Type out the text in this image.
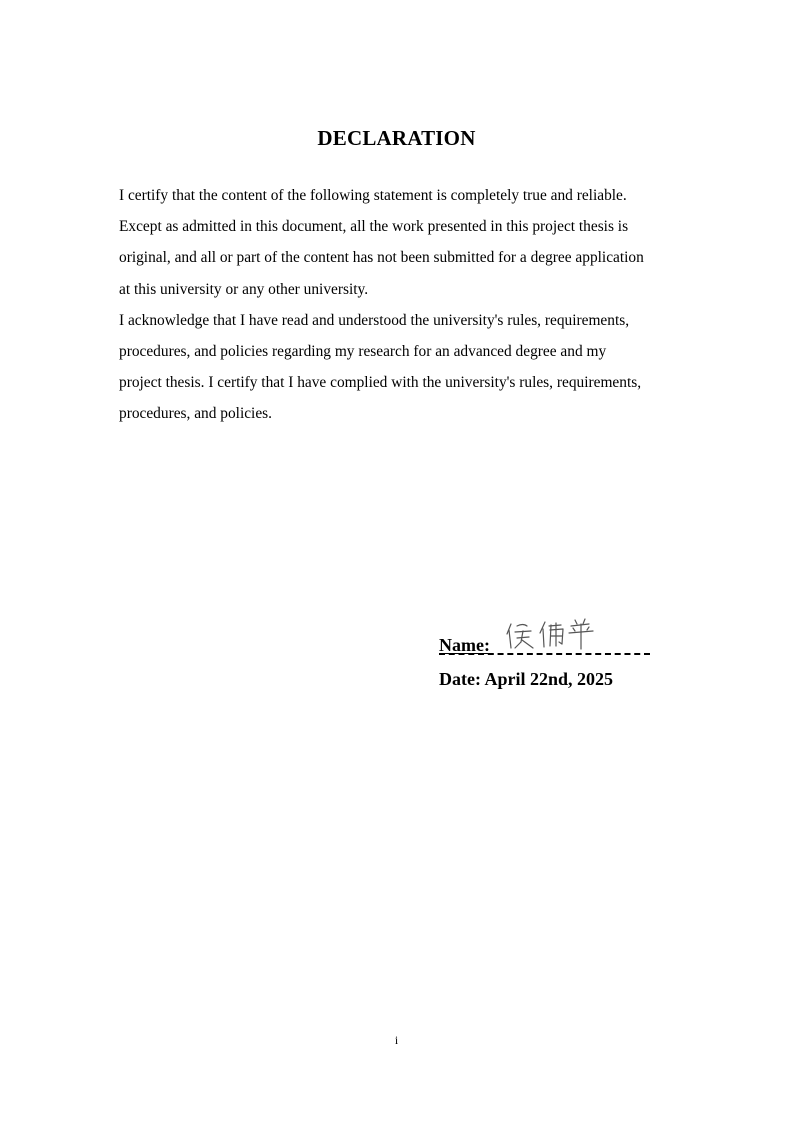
DECLARATION
I certify that the content of the following statement is completely true and reliable.
Except as admitted in this document, all the work presented in this project thesis is
original, and all or part of the content has not been submitted for a degree application
at this university or any other university.
I acknowledge that I have read and understood the university's rules, requirements,
procedures, and policies regarding my research for an advanced degree and my
project thesis. I certify that I have complied with the university's rules, requirements,
procedures, and policies.
Name:
Date: April 22nd, 2025
i
